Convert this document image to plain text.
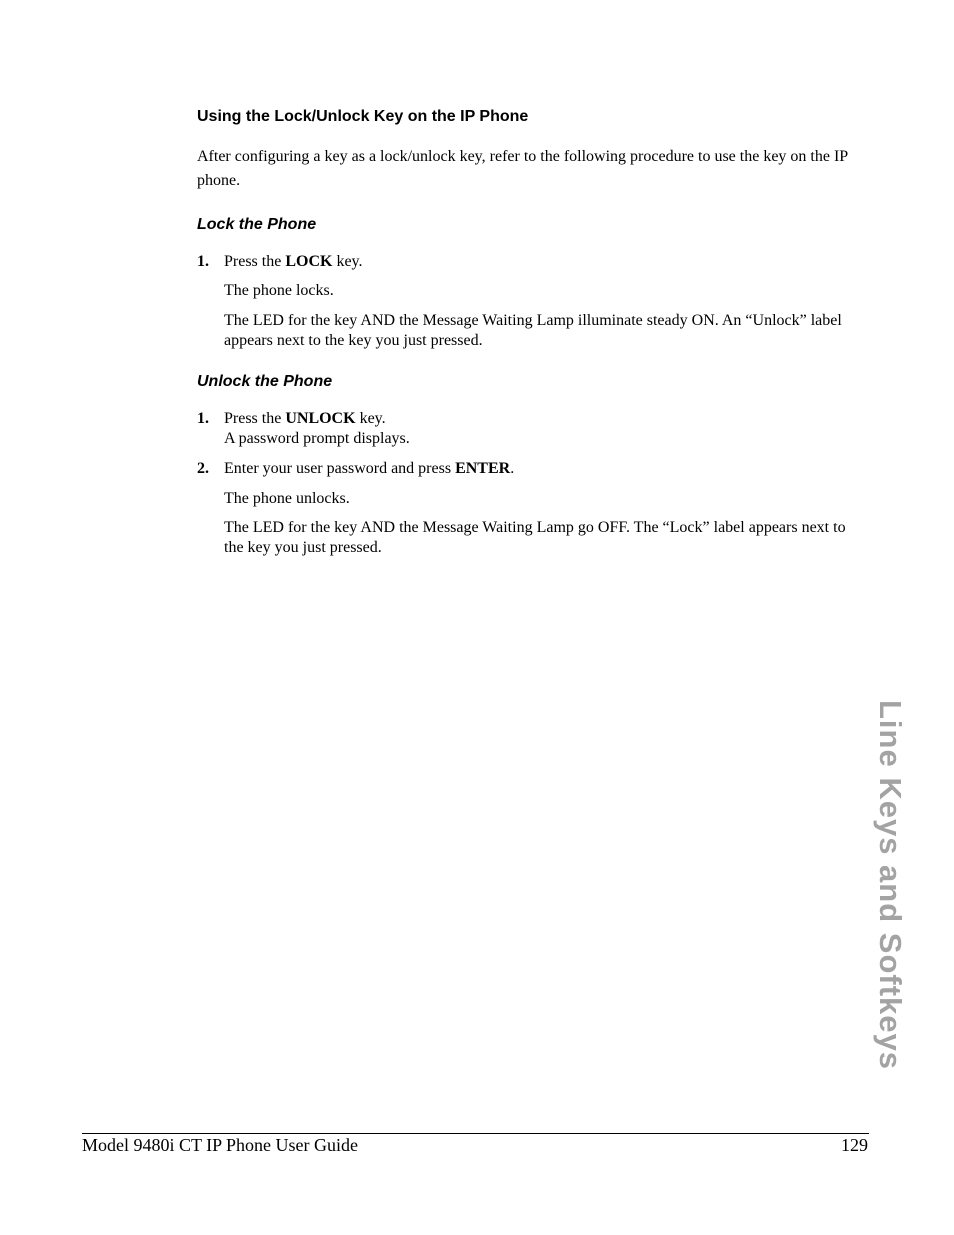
Using the Lock/Unlock Key on the IP Phone
After configuring a key as a lock/unlock key, refer to the following procedure to use the key on the IP phone.
Lock the Phone
1. Press the LOCK key.
The phone locks.
The LED for the key AND the Message Waiting Lamp illuminate steady ON. An “Unlock” label appears next to the key you just pressed.
Unlock the Phone
1. Press the UNLOCK key.
A password prompt displays.
2. Enter your user password and press ENTER.
The phone unlocks.
The LED for the key AND the Message Waiting Lamp go OFF. The “Lock” label appears next to the key you just pressed.
Line Keys and Softkeys
Model 9480i CT IP Phone User Guide	129
